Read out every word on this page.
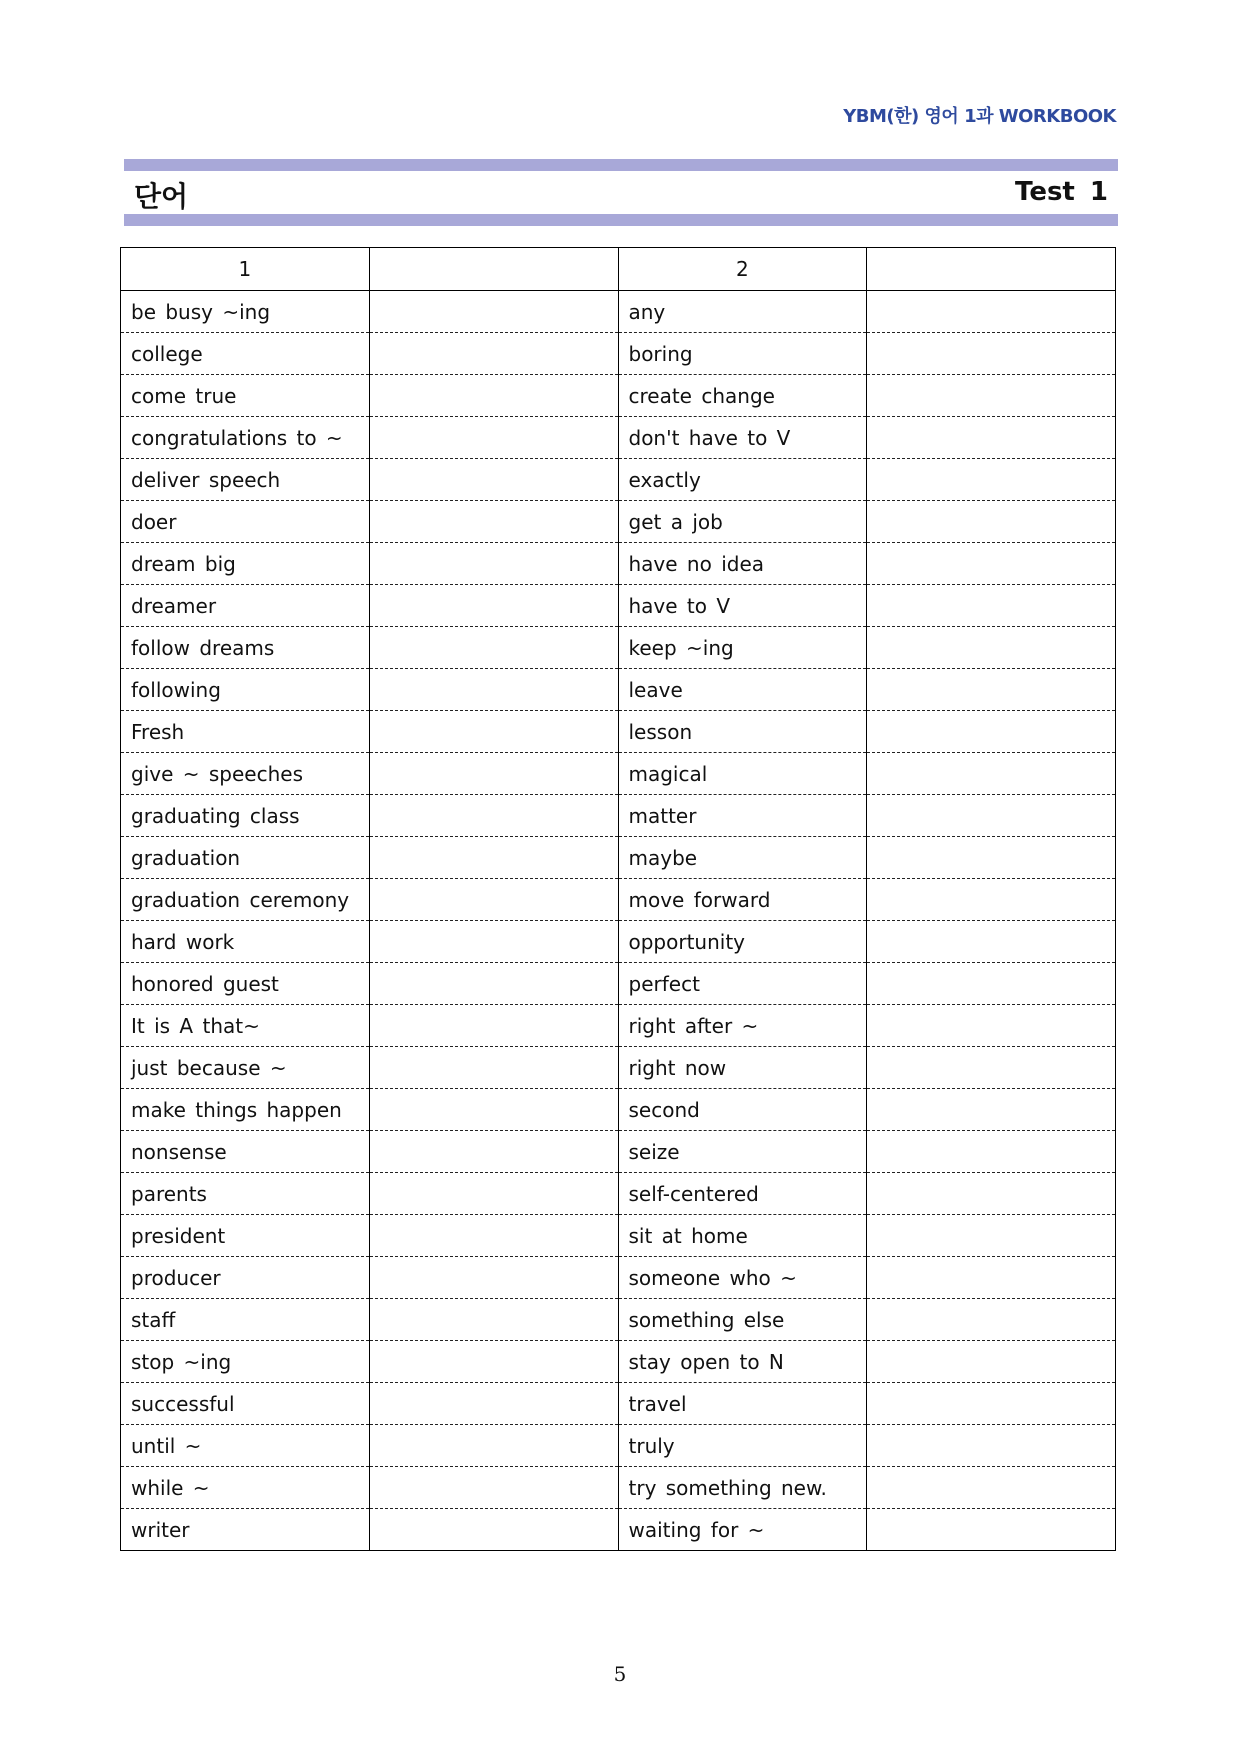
YBM(한) 영어 1과 WORKBOOK
단어	Test 1
1		2	
be busy ~ing		any	
college		boring	
come true		create change	
congratulations to ~		don't have to V	
deliver speech		exactly	
doer		get a job	
dream big		have no idea	
dreamer		have to V	
follow dreams		keep ~ing	
following		leave	
Fresh		lesson	
give ~ speeches		magical	
graduating class		matter	
graduation		maybe	
graduation ceremony		move forward	
hard work		opportunity	
honored guest		perfect	
It is A that~		right after ~	
just because ~		right now	
make things happen		second	
nonsense		seize	
parents		self-centered	
president		sit at home	
producer		someone who ~	
staff		something else	
stop ~ing		stay open to N	
successful		travel	
until ~		truly	
while ~		try something new.	
writer		waiting for ~	
5
